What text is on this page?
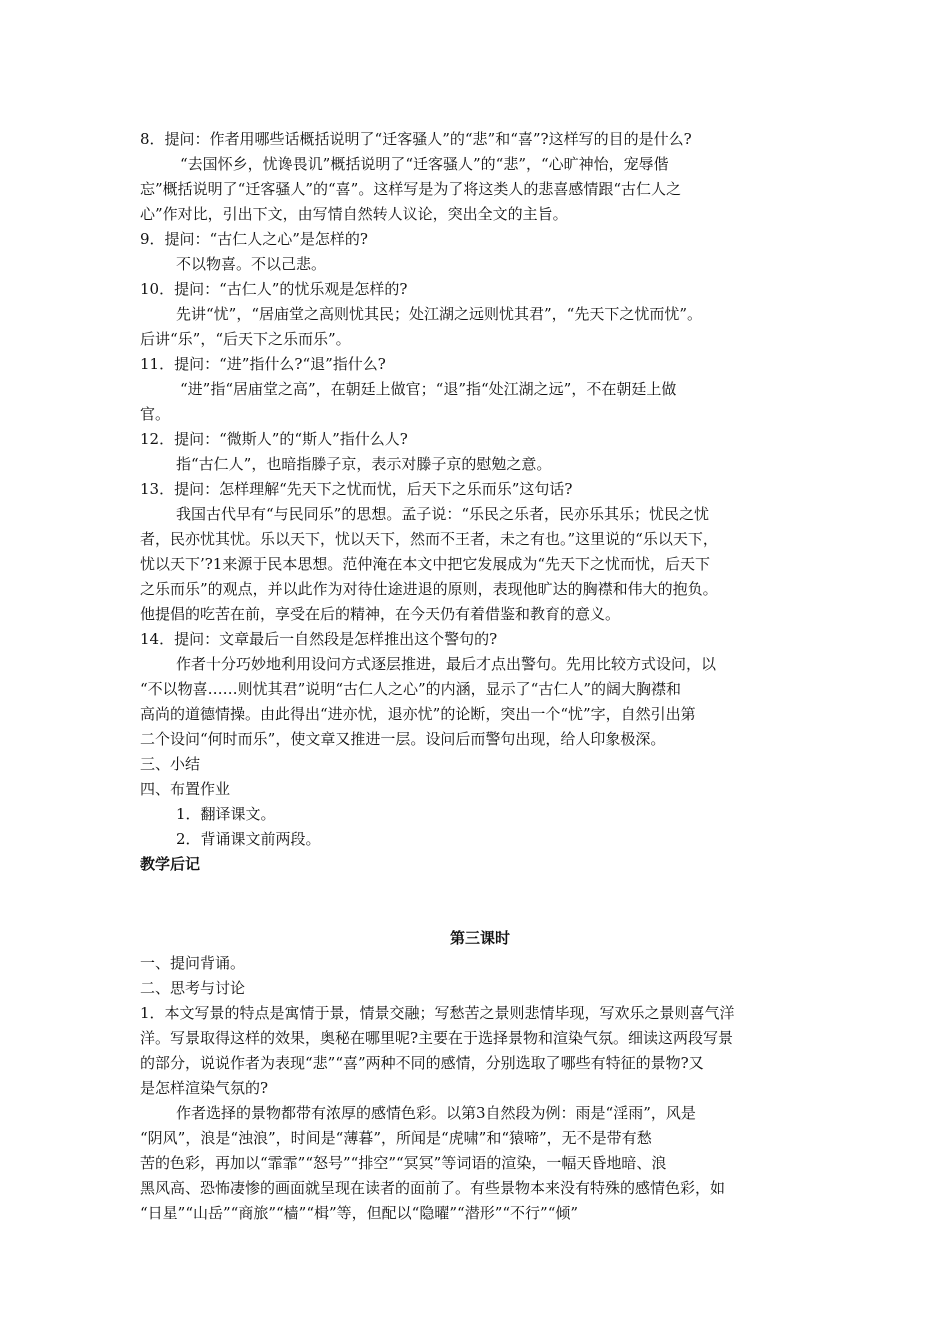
8．提问：作者用哪些话概括说明了“迁客骚人”的“悲”和“喜”?这样写的目的是什么?
“去国怀乡，忧谗畏讥”概括说明了“迁客骚人”的“悲”，“心旷神怡，宠辱偕
忘”概括说明了“迁客骚人”的“喜”。这样写是为了将这类人的悲喜感情跟“古仁人之
心”作对比，引出下文，由写情自然转人议论，突出全文的主旨。
9．提问：“古仁人之心”是怎样的?
不以物喜。不以己悲。
10．提问：“古仁人”的忧乐观是怎样的?
先讲“忧”，“居庙堂之高则忧其民；处江湖之远则忧其君”，“先天下之忧而忧”。
后讲“乐”，“后天下之乐而乐”。
11．提问：“进”指什么?“退”指什么?
“进”指“居庙堂之高”，在朝廷上做官；“退”指“处江湖之远”，不在朝廷上做
官。
12．提问：“微斯人”的“斯人”指什么人?
指“古仁人”，也暗指滕子京，表示对滕子京的慰勉之意。
13．提问：怎样理解“先天下之忧而忧，后天下之乐而乐”这句话?
我国古代早有“与民同乐”的思想。孟子说：“乐民之乐者，民亦乐其乐；忧民之忧
者，民亦忧其忧。乐以天下，忧以天下，然而不王者，未之有也。”这里说的“乐以天下，
忧以天下’?1来源于民本思想。范仲淹在本文中把它发展成为“先天下之忧而忧，后天下
之乐而乐”的观点，并以此作为对待仕途进退的原则，表现他旷达的胸襟和伟大的抱负。
他提倡的吃苦在前，享受在后的精神，在今天仍有着借鉴和教育的意义。
14．提问：文章最后一自然段是怎样推出这个警句的?
作者十分巧妙地利用设问方式逐层推进，最后才点出警句。先用比较方式设问，以
“不以物喜……则忧其君”说明“古仁人之心”的内涵，显示了“古仁人”的阔大胸襟和
高尚的道德情操。由此得出“进亦忧，退亦忧”的论断，突出一个“忧”字，自然引出第
二个设问“何时而乐”，使文章又推进一层。设问后而警句出现，给人印象极深。
三、小结
四、布置作业
1．翻译课文。
2．背诵课文前两段。
教学后记
第三课时
一、提问背诵。
二、思考与讨论
1．本文写景的特点是寓情于景，情景交融；写愁苦之景则悲情毕现，写欢乐之景则喜气洋
洋。写景取得这样的效果，奥秘在哪里呢?主要在于选择景物和渲染气氛。细读这两段写景
的部分，说说作者为表现“悲”“喜”两种不同的感情，分别选取了哪些有特征的景物?又
是怎样渲染气氛的?
作者选择的景物都带有浓厚的感情色彩。以第3自然段为例：雨是“淫雨”，风是
“阴风”，浪是“浊浪”，时间是“薄暮”，所闻是“虎啸”和“猿啼”，无不是带有愁
苦的色彩，再加以“霏霏”“怒号”“排空”“冥冥”等词语的渲染，一幅天昏地暗、浪
黑风高、恐怖凄惨的画面就呈现在读者的面前了。有些景物本来没有特殊的感情色彩，如
“日星”“山岳”“商旅”“樯”“楫”等，但配以“隐曜”“潜形”“不行”“倾”
